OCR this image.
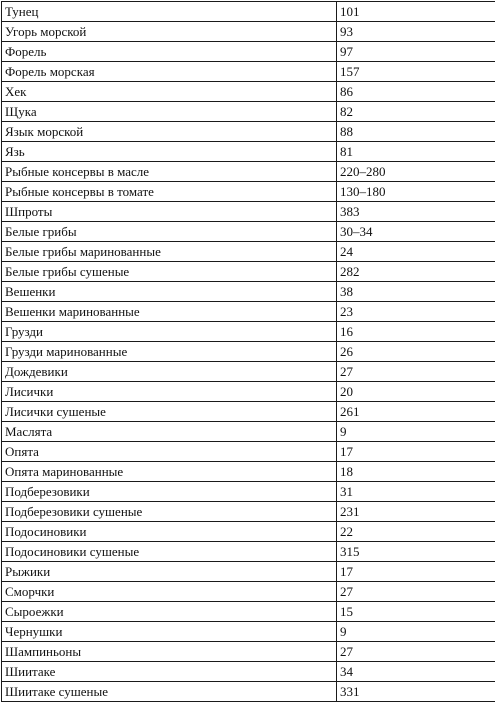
Тунец	101
Угорь морской	93
Форель	97
Форель морская	157
Хек	86
Щука	82
Язык морской	88
Язь	81
Рыбные консервы в масле	220–280
Рыбные консервы в томате	130–180
Шпроты	383
Белые грибы	30–34
Белые грибы маринованные	24
Белые грибы сушеные	282
Вешенки	38
Вешенки маринованные	23
Грузди	16
Грузди маринованные	26
Дождевики	27
Лисички	20
Лисички сушеные	261
Маслята	9
Опята	17
Опята маринованные	18
Подберезовики	31
Подберезовики сушеные	231
Подосиновики	22
Подосиновики сушеные	315
Рыжики	17
Сморчки	27
Сыроежки	15
Чернушки	9
Шампиньоны	27
Шиитаке	34
Шиитаке сушеные	331
